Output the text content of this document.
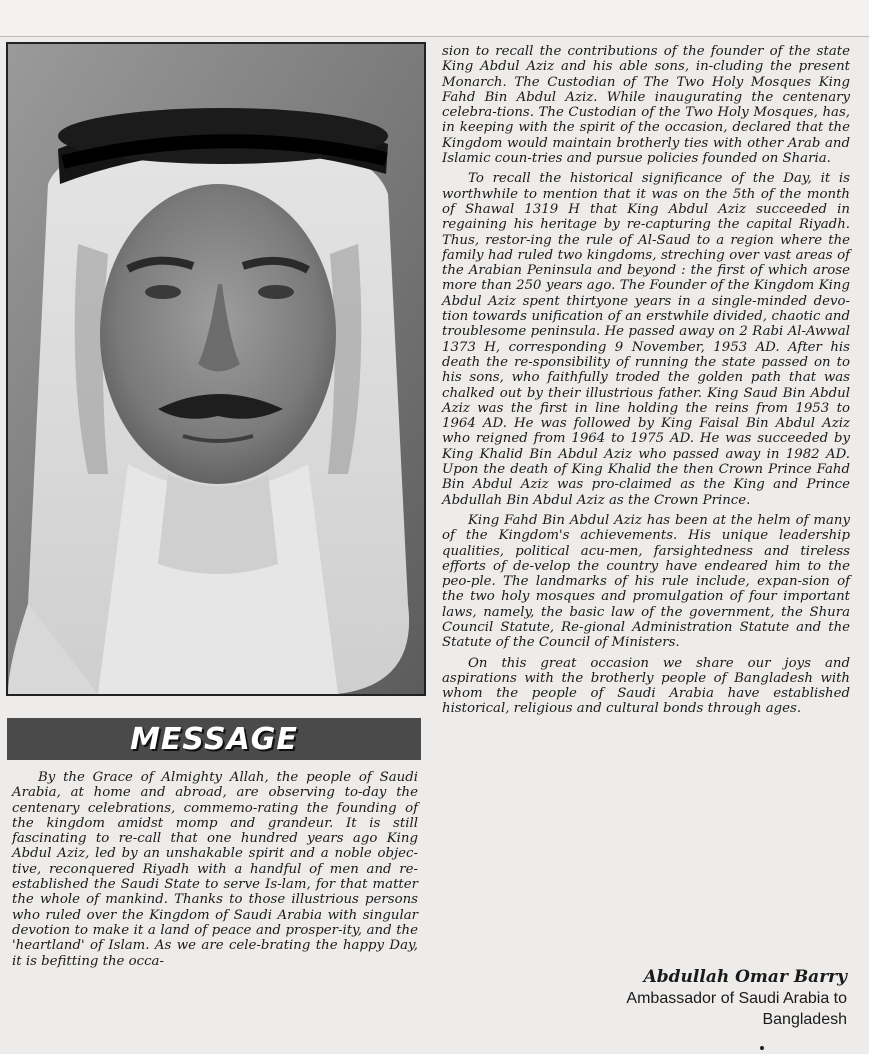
MESSAGE
By the Grace of Almighty Allah, the people of Saudi Arabia, at home and abroad, are observing to-day the centenary celebrations, commemo-rating the founding of the kingdom amidst momp and grandeur. It is still fascinating to re-call that one hundred years ago King Abdul Aziz, led by an unshakable spirit and a noble objec-tive, reconquered Riyadh with a handful of men and re-established the Saudi State to serve Is-lam, for that matter the whole of mankind. Thanks to those illustrious persons who ruled over the Kingdom of Saudi Arabia with singular devotion to make it a land of peace and prosper-ity, and the 'heartland' of Islam. As we are cele-brating the happy Day, it is befitting the occa-

sion to recall the contributions of the founder of the state King Abdul Aziz and his able sons, in-cluding the present Monarch. The Custodian of The Two Holy Mosques King Fahd Bin Abdul Aziz. While inaugurating the centenary celebra-tions. The Custodian of the Two Holy Mosques, has, in keeping with the spirit of the occasion, declared that the Kingdom would maintain brotherly ties with other Arab and Islamic coun-tries and pursue policies founded on Sharia.

To recall the historical significance of the Day, it is worthwhile to mention that it was on the 5th of the month of Shawal 1319 H that King Abdul Aziz succeeded in regaining his heritage by re-capturing the capital Riyadh. Thus, restor-ing the rule of Al-Saud to a region where the family had ruled two kingdoms, streching over vast areas of the Arabian Peninsula and beyond : the first of which arose more than 250 years ago. The Founder of the Kingdom King Abdul Aziz spent thirtyone years in a single-minded devo-tion towards unification of an erstwhile divided, chaotic and troublesome peninsula. He passed away on 2 Rabi Al-Awwal 1373 H, corresponding 9 November, 1953 AD. After his death the re-sponsibility of running the state passed on to his sons, who faithfully troded the golden path that was chalked out by their illustrious father. King Saud Bin Abdul Aziz was the first in line holding the reins from 1953 to 1964 AD. He was followed by King Faisal Bin Abdul Aziz who reigned from 1964 to 1975 AD. He was succeeded by King Khalid Bin Abdul Aziz who passed away in 1982 AD. Upon the death of King Khalid the then Crown Prince Fahd Bin Abdul Aziz was pro-claimed as the King and Prince Abdullah Bin Abdul Aziz as the Crown Prince.

King Fahd Bin Abdul Aziz has been at the helm of many of the Kingdom's achievements. His unique leadership qualities, political acu-men, farsightedness and tireless efforts of de-velop the country have endeared him to the peo-ple. The landmarks of his rule include, expan-sion of the two holy mosques and promulgation of four important laws, namely, the basic law of the government, the Shura Council Statute, Re-gional Administration Statute and the Statute of the Council of Ministers.

On this great occasion we share our joys and aspirations with the brotherly people of Bangladesh with whom the people of Saudi Arabia have established historical, religious and cultural bonds through ages.

Abdullah Omar Barry
Ambassador of Saudi Arabia to
Bangladesh
